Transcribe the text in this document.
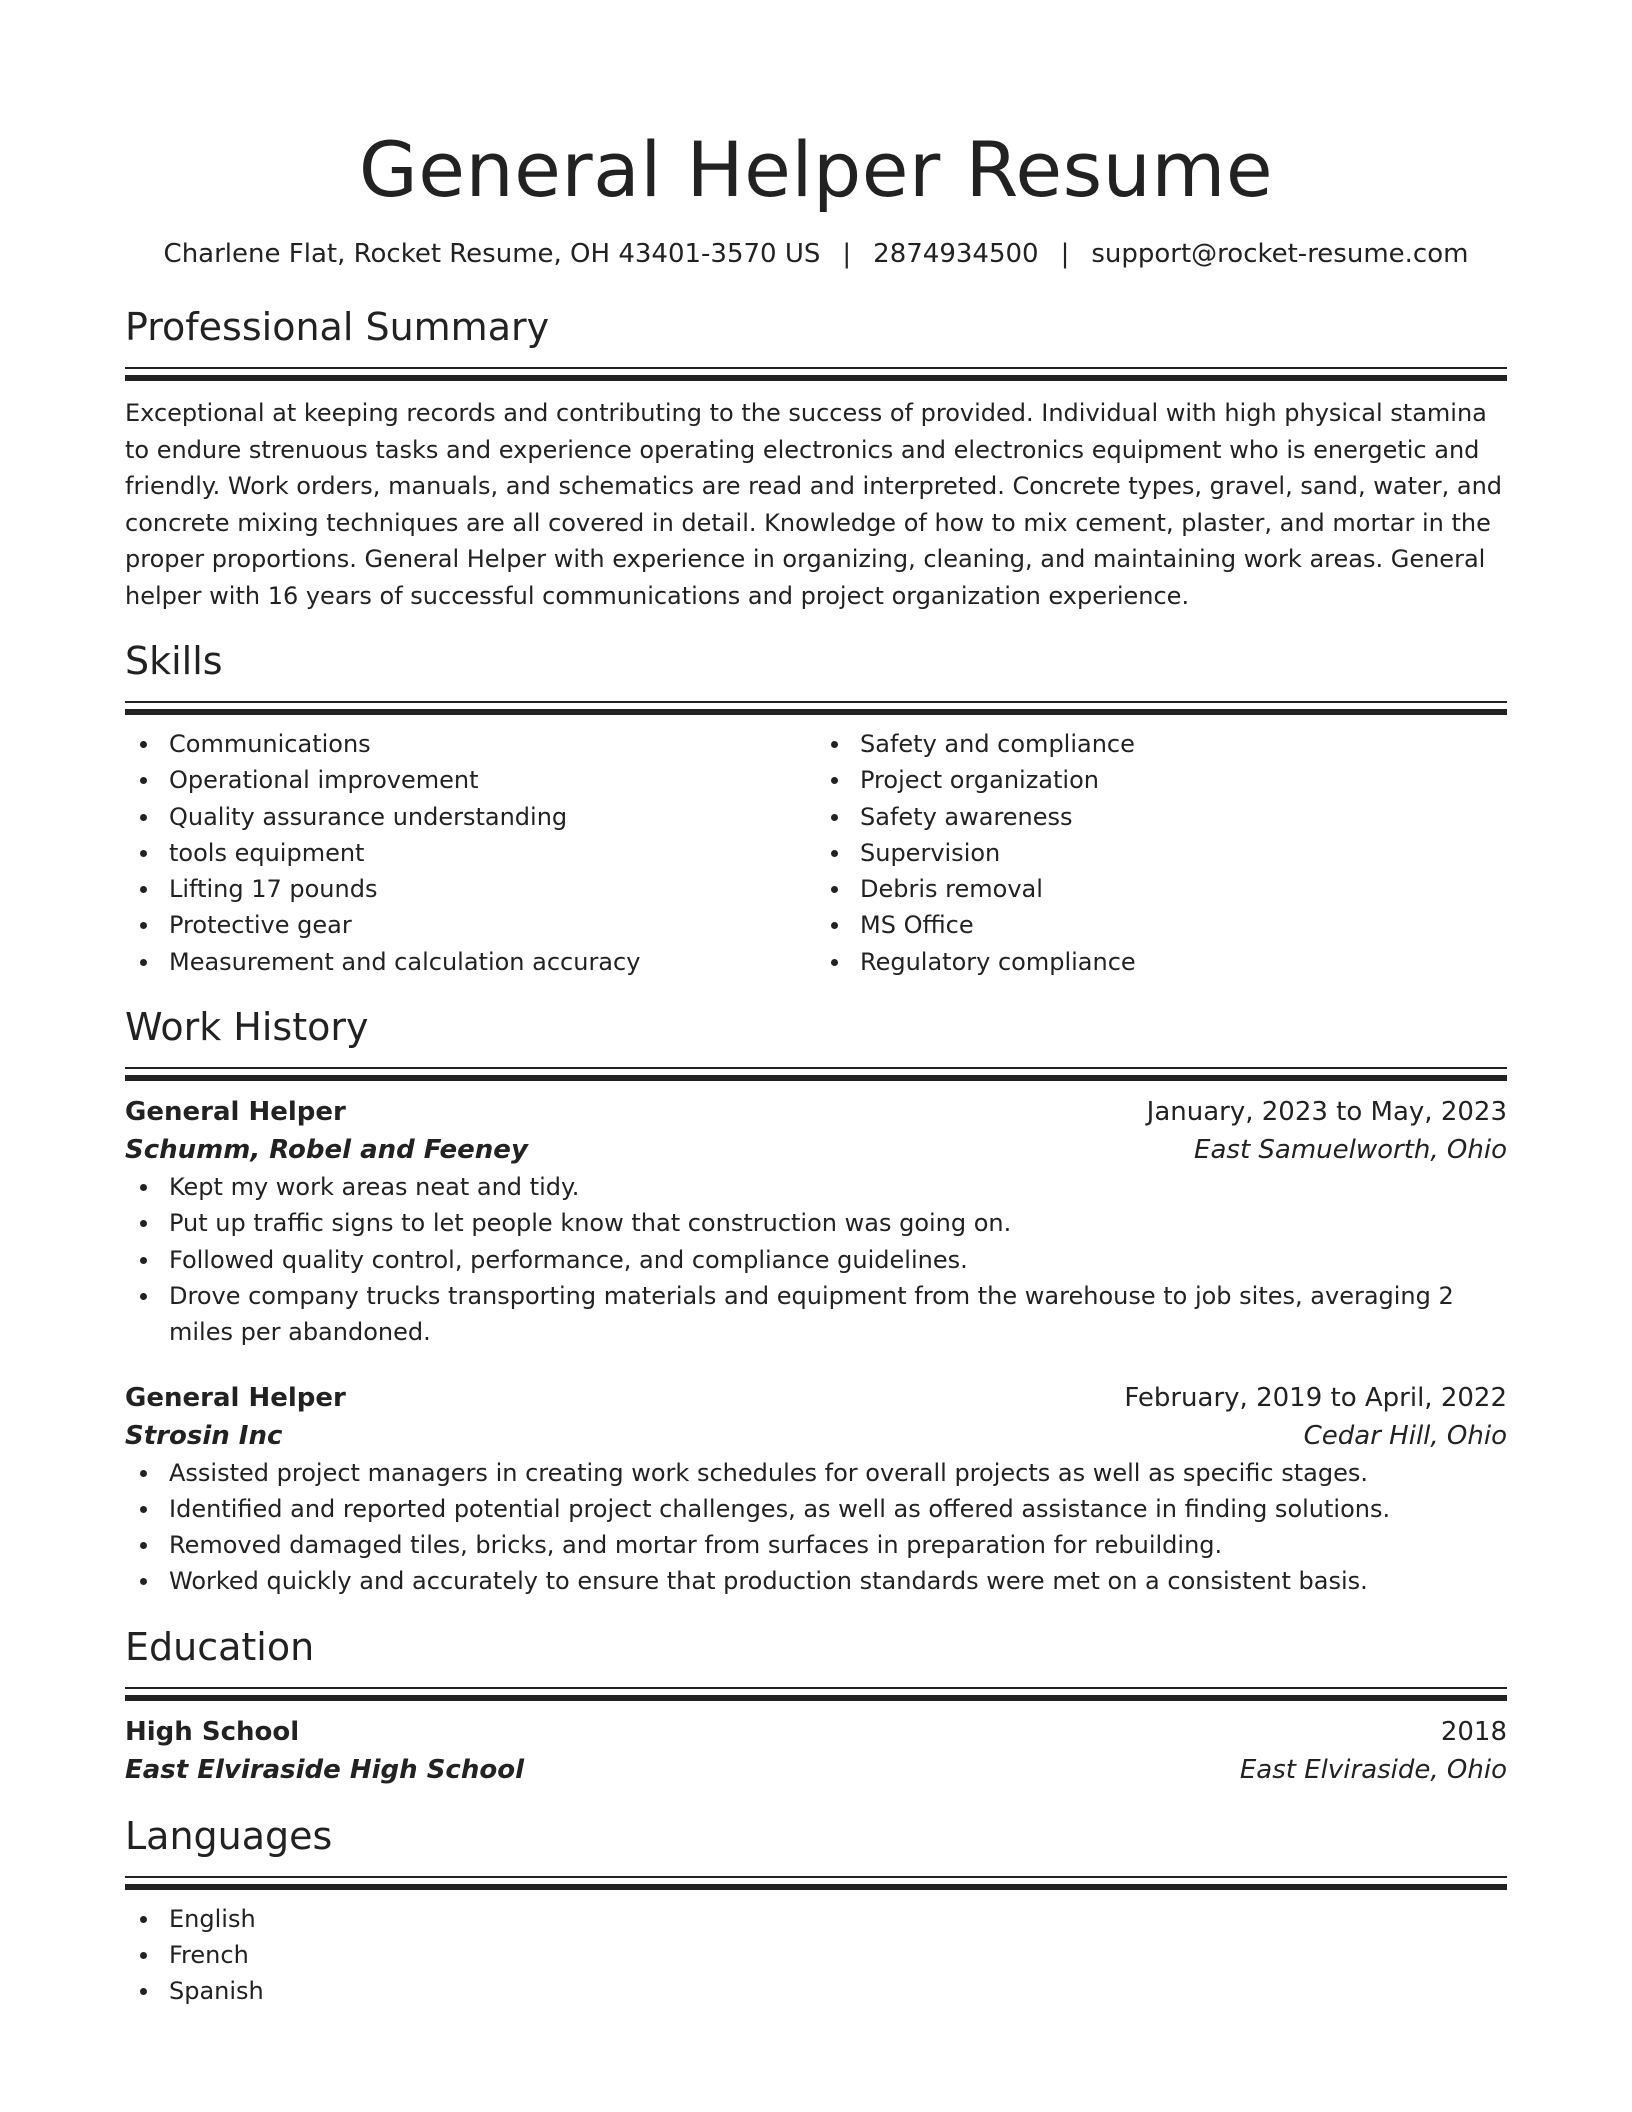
General Helper Resume
Charlene Flat, Rocket Resume, OH 43401-3570 US | 2874934500 | support@rocket-resume.com
Professional Summary

Exceptional at keeping records and contributing to the success of provided. Individual with high physical stamina to endure strenuous tasks and experience operating electronics and electronics equipment who is energetic and friendly. Work orders, manuals, and schematics are read and interpreted. Concrete types, gravel, sand, water, and concrete mixing techniques are all covered in detail. Knowledge of how to mix cement, plaster, and mortar in the proper proportions. General Helper with experience in organizing, cleaning, and maintaining work areas. General helper with 16 years of successful communications and project organization experience.

Skills
Communications
Operational improvement
Quality assurance understanding
tools equipment
Lifting 17 pounds
Protective gear
Measurement and calculation accuracy
Safety and compliance
Project organization
Safety awareness
Supervision
Debris removal
MS Office
Regulatory compliance
Work History
General Helper	January, 2023 to May, 2023
Schumm, Robel and Feeney	East Samuelworth, Ohio
Kept my work areas neat and tidy.
Put up traffic signs to let people know that construction was going on.
Followed quality control, performance, and compliance guidelines.
Drove company trucks transporting materials and equipment from the warehouse to job sites, averaging 2 miles per abandoned.
General Helper	February, 2019 to April, 2022
Strosin Inc	Cedar Hill, Ohio
Assisted project managers in creating work schedules for overall projects as well as specific stages.
Identified and reported potential project challenges, as well as offered assistance in finding solutions.
Removed damaged tiles, bricks, and mortar from surfaces in preparation for rebuilding.
Worked quickly and accurately to ensure that production standards were met on a consistent basis.
Education
High School	2018
East Elviraside High School	East Elviraside, Ohio
Languages
English
French
Spanish
